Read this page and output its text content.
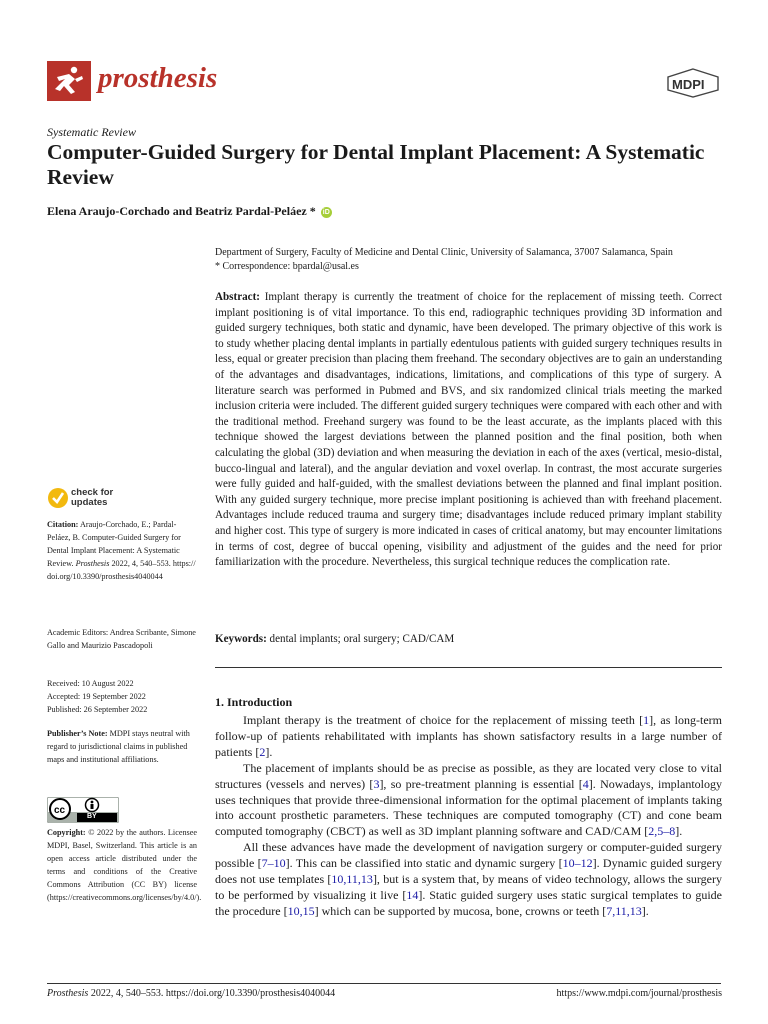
prosthesis	MDPI
Systematic Review
Computer-Guided Surgery for Dental Implant Placement: A Systematic Review
Elena Araujo-Corchado and Beatriz Pardal-Peláez * iD
Department of Surgery, Faculty of Medicine and Dental Clinic, University of Salamanca, 37007 Salamanca, Spain
* Correspondence: bpardal@usal.es
Abstract: Implant therapy is currently the treatment of choice for the replacement of missing teeth. Correct implant positioning is of vital importance. To this end, radiographic techniques providing 3D information and guided surgery techniques, both static and dynamic, have been developed. The primary objective of this work is to study whether placing dental implants in partially edentulous patients with guided surgery techniques results in less, equal or greater precision than placing them freehand. The secondary objectives are to gain an understanding of the advantages and disadvantages, indications, limitations, and complications of this type of surgery. A literature search was performed in Pubmed and BVS, and six randomized clinical trials meeting the marked inclusion criteria were included. The different guided surgery techniques were compared with each other and with the traditional method. Freehand surgery was found to be the least accurate, as the implants placed with this technique showed the largest deviations between the planned position and the final position, both when calculating the global (3D) deviation and when measuring the deviation in each of the axes (vertical, mesio-distal, bucco-lingual and lateral), and the angular deviation and voxel overlap. In contrast, the most accurate surgeries were fully guided and half-guided, with the smallest deviations between the planned and final implant position. With any guided surgery technique, more precise implant positioning is achieved than with freehand placement. Advantages include reduced trauma and surgery time; disadvantages include reduced primary implant stability and higher cost. This type of surgery is more indicated in cases of critical anatomy, but may encounter limitations in terms of cost, degree of buccal opening, visibility and adjustment of the guides and the need for prior familiarization with the procedure. Nevertheless, this surgical technique reduces the complication rate.
Keywords: dental implants; oral surgery; CAD/CAM
1. Introduction

Implant therapy is the treatment of choice for the replacement of missing teeth [1], as long-term follow-up of patients rehabilitated with implants has shown satisfactory results in a large number of patients [2].

The placement of implants should be as precise as possible, as they are located very close to vital structures (vessels and nerves) [3], so pre-treatment planning is essential [4]. Nowadays, implantology uses techniques that provide three-dimensional information for the optimal placement of implants taking into account prosthetic parameters. These techniques are computed tomography (CT) and cone beam computed tomography (CBCT) as well as 3D implant planning software and CAD/CAM [2,5–8].

All these advances have made the development of navigation surgery or computer-guided surgery possible [7–10]. This can be classified into static and dynamic surgery [10–12]. Dynamic guided surgery does not use templates [10,11,13], but is a system that, by means of video technology, allows the surgery to be performed by visualizing it live [14]. Static guided surgery uses static surgical templates to guide the procedure [10,15] which can be supported by mucosa, bone, crowns or teeth [7,11,13].

check for
updates
Citation: Araujo-Corchado, E.; Pardal-Peláez, B. Computer-Guided Surgery for Dental Implant Placement: A Systematic Review. Prosthesis 2022, 4, 540–553. https://doi.org/10.3390/prosthesis4040044
Academic Editors: Andrea Scribante, Simone Gallo and Maurizio Pascadopoli
Received: 10 August 2022
Accepted: 19 September 2022
Published: 26 September 2022
Publisher’s Note: MDPI stays neutral with regard to jurisdictional claims in published maps and institutional affiliations.
cc
BY
Copyright: © 2022 by the authors. Licensee MDPI, Basel, Switzerland. This article is an open access article distributed under the terms and conditions of the Creative Commons Attribution (CC BY) license (https://creativecommons.org/licenses/by/4.0/).
Prosthesis 2022, 4, 540–553. https://doi.org/10.3390/prosthesis4040044	https://www.mdpi.com/journal/prosthesis
